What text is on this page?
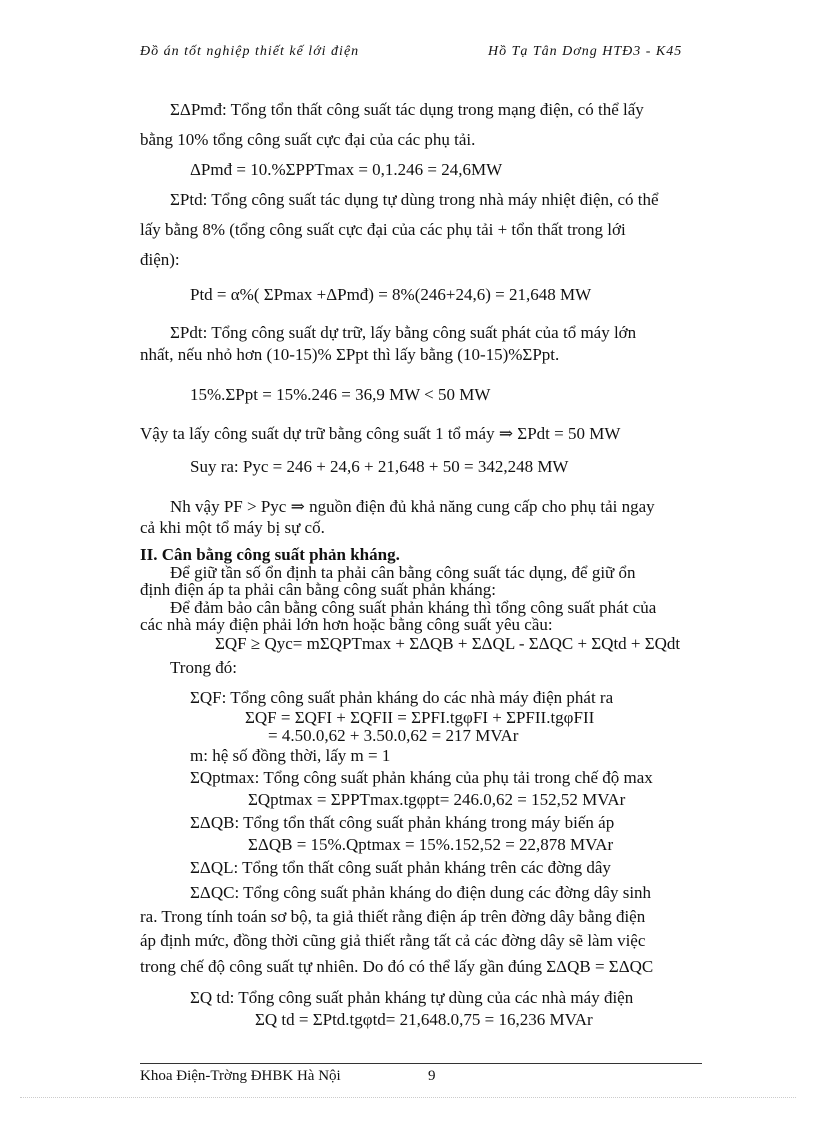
Đồ án tốt nghiệp thiết kế lới điện	Hồ Tạ Tân Dơng HTĐ3 - K45
ΣΔPmđ: Tổng tổn thất công suất tác dụng trong mạng điện, có thể lấy
bằng 10% tổng công suất cực đại của các phụ tải.
ΔPmđ = 10.%ΣPPTmax = 0,1.246 = 24,6MW
ΣPtd: Tổng công suất tác dụng tự dùng trong nhà máy nhiệt điện, có thể
lấy bằng 8% (tổng công suất cực đại của các phụ tải + tổn thất trong lới
điện):
Ptd = α%( ΣPmax +ΔPmđ) = 8%(246+24,6) = 21,648 MW
ΣPdt: Tổng công suất dự trữ, lấy bằng công suất phát của tổ máy lớn
nhất, nếu nhỏ hơn (10-15)% ΣPpt thì lấy bằng (10-15)%ΣPpt.
15%.ΣPpt = 15%.246 = 36,9 MW < 50 MW
Vậy ta lấy công suất dự trữ bằng công suất 1 tổ máy ⇒ ΣPdt = 50 MW
Suy ra: Pyc = 246 + 24,6 + 21,648 + 50 = 342,248 MW
Nh vậy PF > Pyc ⇒ nguồn điện đủ khả năng cung cấp cho phụ tải ngay
cả khi một tổ máy bị sự cố.
II. Cân bằng công suất phản kháng.
Để giữ tần số ổn định ta phải cân bằng công suất tác dụng, để giữ ổn
định điện áp ta phải cân bằng công suất phản kháng:
Để đảm bảo cân bằng công suất phản kháng thì tổng công suất phát của
các nhà máy điện phải lớn hơn hoặc bằng công suất yêu cầu:
ΣQF ≥ Qyc= mΣQPTmax + ΣΔQB + ΣΔQL - ΣΔQC + ΣQtd + ΣQdt
Trong đó:
ΣQF: Tổng công suất phản kháng do các nhà máy điện phát ra
ΣQF = ΣQFI + ΣQFII = ΣPFI.tgφFI + ΣPFII.tgφFII
= 4.50.0,62 + 3.50.0,62 = 217 MVAr
m: hệ số đồng thời, lấy m = 1
ΣQptmax: Tổng công suất phản kháng của phụ tải trong chế độ max
ΣQptmax = ΣPPTmax.tgφpt= 246.0,62 = 152,52 MVAr
ΣΔQB: Tổng tổn thất công suất phản kháng trong máy biến áp
ΣΔQB = 15%.Qptmax = 15%.152,52 = 22,878 MVAr
ΣΔQL: Tổng tổn thất công suất phản kháng trên các đờng dây
ΣΔQC: Tổng công suất phản kháng do điện dung các đờng dây sinh
ra. Trong tính toán sơ bộ, ta giả thiết rằng điện áp trên đờng dây bằng điện
áp định mức, đồng thời cũng giả thiết rằng tất cả các đờng dây sẽ làm việc
trong chế độ công suất tự nhiên. Do đó có thể lấy gần đúng ΣΔQB = ΣΔQC
ΣQ td: Tổng công suất phản kháng tự dùng của các nhà máy điện
ΣQ td = ΣPtd.tgφtd= 21,648.0,75 = 16,236 MVAr
Khoa Điện-Trờng ĐHBK Hà Nội	9
